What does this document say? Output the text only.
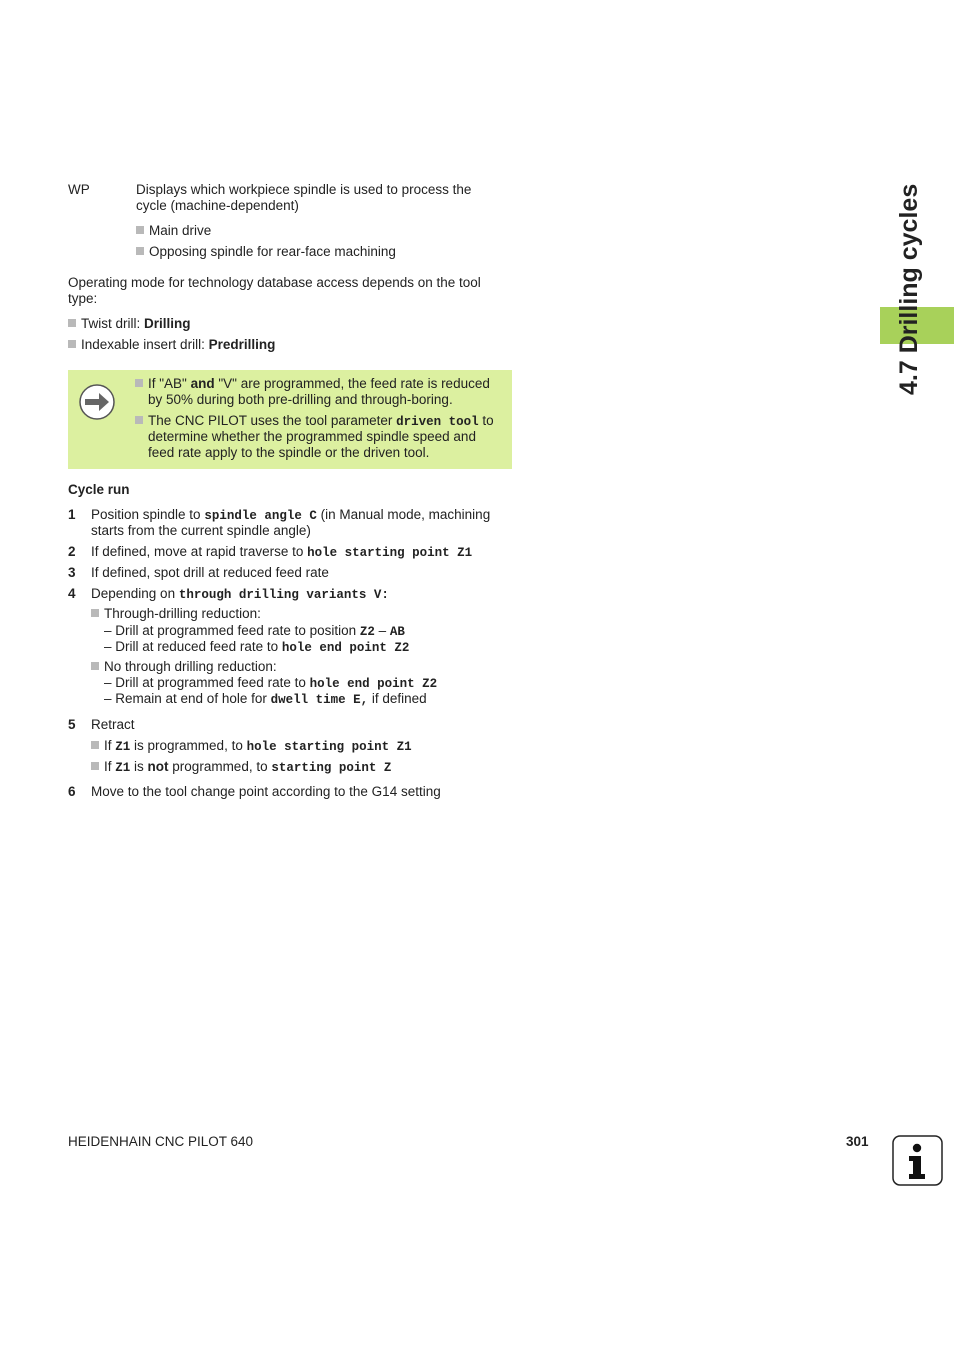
4.7 Drilling cycles
WP	Displays which workpiece spindle is used to process the
cycle (machine-dependent)
Main drive
Opposing spindle for rear-face machining
Operating mode for technology database access depends on the tool
type:
Twist drill: Drilling
Indexable insert drill: Predrilling
If "AB" and "V" are programmed, the feed rate is reduced
by 50% during both pre-drilling and through-boring.
The CNC PILOT uses the tool parameter driven tool to
determine whether the programmed spindle speed and
feed rate apply to the spindle or the driven tool.
Cycle run
1 Position spindle to spindle angle C (in Manual mode, machining
starts from the current spindle angle)
2 If defined, move at rapid traverse to hole starting point Z1
3 If defined, spot drill at reduced feed rate
4 Depending on through drilling variants V:
Through-drilling reduction:
– Drill at programmed feed rate to position Z2 – AB
– Drill at reduced feed rate to hole end point Z2
No through drilling reduction:
– Drill at programmed feed rate to hole end point Z2
– Remain at end of hole for dwell time E, if defined
5 Retract
If Z1 is programmed, to hole starting point Z1
If Z1 is not programmed, to starting point Z
6 Move to the tool change point according to the G14 setting
HEIDENHAIN CNC PILOT 640	301
